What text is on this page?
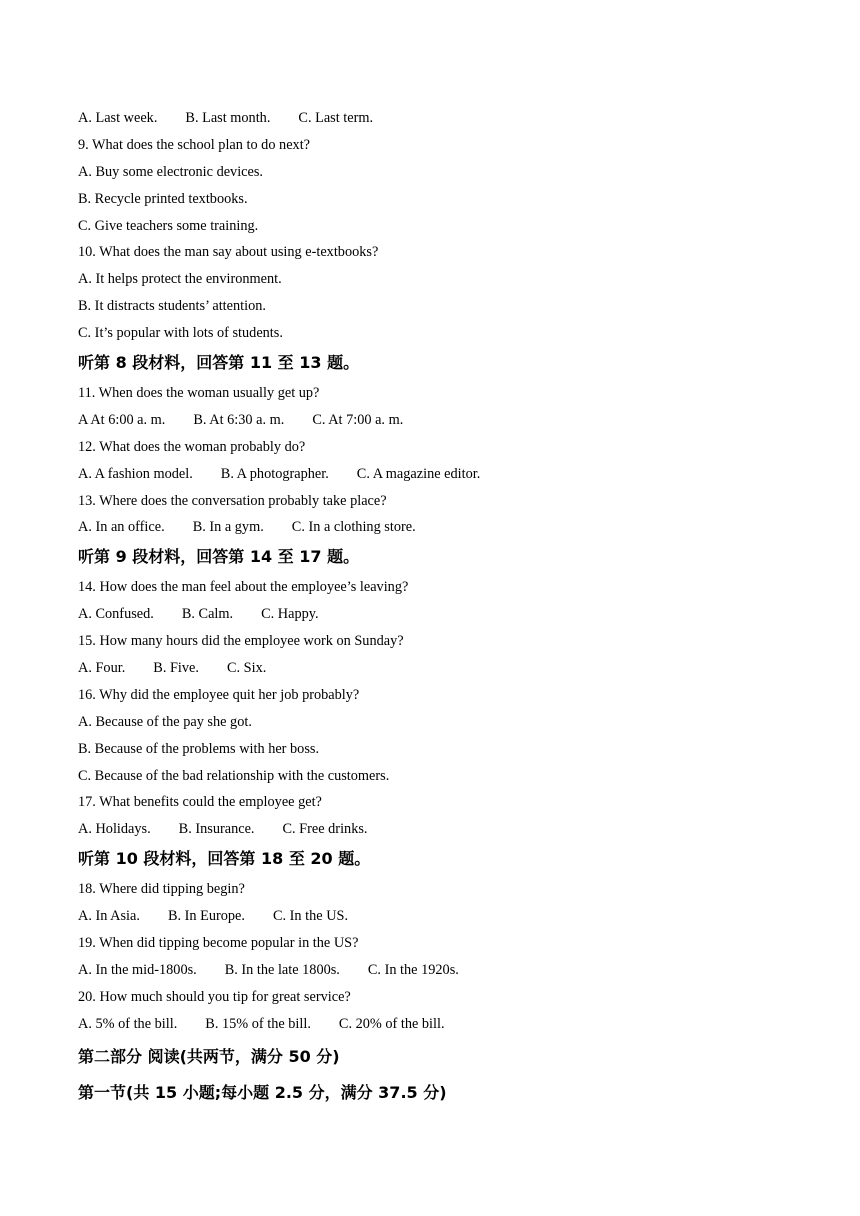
A. Last week. B. Last month. C. Last term.
9. What does the school plan to do next?
A. Buy some electronic devices.
B. Recycle printed textbooks.
C. Give teachers some training.
10. What does the man say about using e-textbooks?
A. It helps protect the environment.
B. It distracts students’ attention.
C. It’s popular with lots of students.
听第 8 段材料，回答第 11 至 13 题。
11. When does the woman usually get up?
A At 6:00 a. m. B. At 6:30 a. m. C. At 7:00 a. m.
12. What does the woman probably do?
A. A fashion model. B. A photographer. C. A magazine editor.
13. Where does the conversation probably take place?
A. In an office. B. In a gym. C. In a clothing store.
听第 9 段材料，回答第 14 至 17 题。
14. How does the man feel about the employee’s leaving?
A. Confused. B. Calm. C. Happy.
15. How many hours did the employee work on Sunday?
A. Four. B. Five. C. Six.
16. Why did the employee quit her job probably?
A. Because of the pay she got.
B. Because of the problems with her boss.
C. Because of the bad relationship with the customers.
17. What benefits could the employee get?
A. Holidays. B. Insurance. C. Free drinks.
听第 10 段材料，回答第 18 至 20 题。
18. Where did tipping begin?
A. In Asia. B. In Europe. C. In the US.
19. When did tipping become popular in the US?
A. In the mid-1800s. B. In the late 1800s. C. In the 1920s.
20. How much should you tip for great service?
A. 5% of the bill. B. 15% of the bill. C. 20% of the bill.
第二部分 阅读(共两节，满分 50 分)
第一节(共 15 小题;每小题 2.5 分，满分 37.5 分)
